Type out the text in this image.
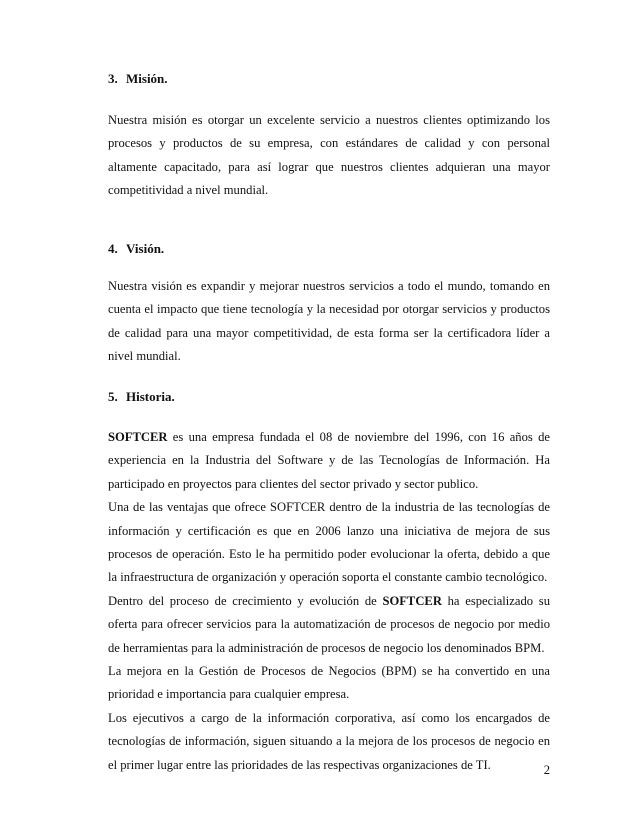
3. Misión.

Nuestra misión es otorgar un excelente servicio a nuestros clientes optimizando los procesos y productos de su empresa, con estándares de calidad y con personal altamente capacitado, para así lograr que nuestros clientes adquieran una mayor competitividad a nivel mundial.

4. Visión.

Nuestra visión es expandir y mejorar nuestros servicios a todo el mundo, tomando en cuenta el impacto que tiene tecnología y la necesidad por otorgar servicios y productos de calidad para una mayor competitividad, de esta forma ser la certificadora líder a nivel mundial.

5. Historia.

SOFTCER es una empresa fundada el 08 de noviembre del 1996, con 16 años de experiencia en la Industria del Software y de las Tecnologías de Información. Ha participado en proyectos para clientes del sector privado y sector publico.

Una de las ventajas que ofrece SOFTCER dentro de la industria de las tecnologías de información y certificación es que en 2006 lanzo una iniciativa de mejora de sus procesos de operación. Esto le ha permitido poder evolucionar la oferta, debido a que la infraestructura de organización y operación soporta el constante cambio tecnológico.

Dentro del proceso de crecimiento y evolución de SOFTCER ha especializado su oferta para ofrecer servicios para la automatización de procesos de negocio por medio de herramientas para la administración de procesos de negocio los denominados BPM.

La mejora en la Gestión de Procesos de Negocios (BPM) se ha convertido en una prioridad e importancia para cualquier empresa.

Los ejecutivos a cargo de la información corporativa, así como los encargados de tecnologías de información, siguen situando a la mejora de los procesos de negocio en el primer lugar entre las prioridades de las respectivas organizaciones de TI.	2
